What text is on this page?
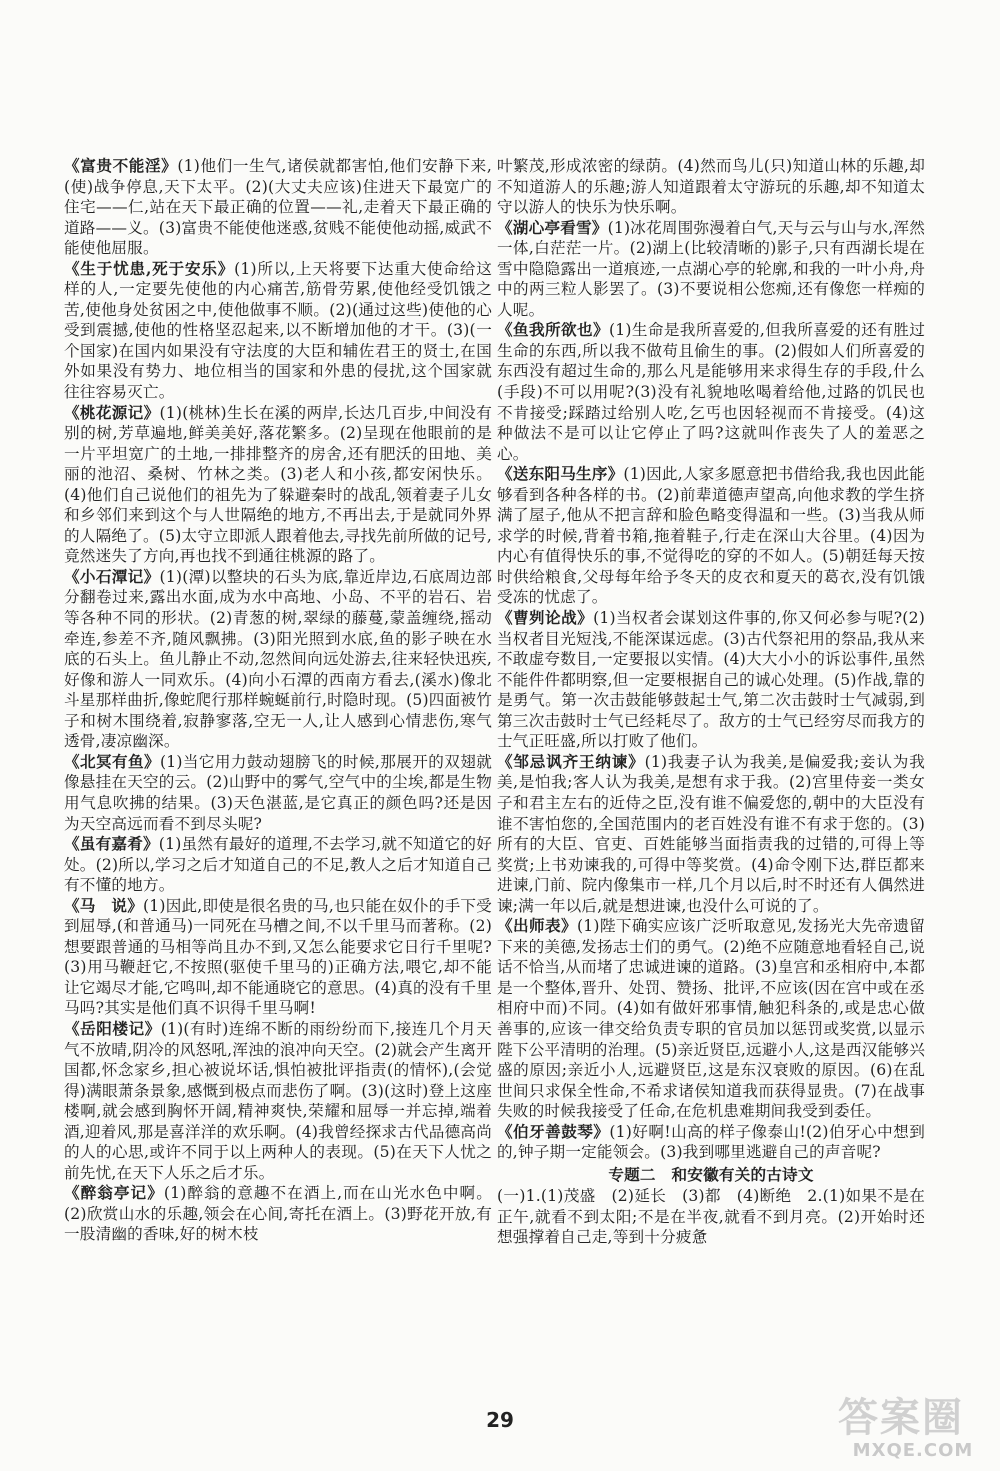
《富贵不能淫》(1)他们一生气,诸侯就都害怕,他们安静下来,(使)战争停息,天下太平。(2)(大丈夫应该)住进天下最宽广的住宅——仁,站在天下最正确的位置——礼,走着天下最正确的道路——义。(3)富贵不能使他迷惑,贫贱不能使他动摇,威武不能使他屈服。

《生于忧患,死于安乐》(1)所以,上天将要下达重大使命给这样的人,一定要先使他的内心痛苦,筋骨劳累,使他经受饥饿之苦,使他身处贫困之中,使他做事不顺。(2)(通过这些)使他的心受到震撼,使他的性格坚忍起来,以不断增加他的才干。(3)(一个国家)在国内如果没有守法度的大臣和辅佐君王的贤士,在国外如果没有势力、地位相当的国家和外患的侵扰,这个国家就往往容易灭亡。

《桃花源记》(1)(桃林)生长在溪的两岸,长达几百步,中间没有别的树,芳草遍地,鲜美美好,落花繁多。(2)呈现在他眼前的是一片平坦宽广的土地,一排排整齐的房舍,还有肥沃的田地、美丽的池沼、桑树、竹林之类。(3)老人和小孩,都安闲快乐。(4)他们自己说他们的祖先为了躲避秦时的战乱,领着妻子儿女和乡邻们来到这个与人世隔绝的地方,不再出去,于是就同外界的人隔绝了。(5)太守立即派人跟着他去,寻找先前所做的记号,竟然迷失了方向,再也找不到通往桃源的路了。

《小石潭记》(1)(潭)以整块的石头为底,靠近岸边,石底周边部分翻卷过来,露出水面,成为水中高地、小岛、不平的岩石、岩等各种不同的形状。(2)青葱的树,翠绿的藤蔓,蒙盖缠绕,摇动牵连,参差不齐,随风飘拂。(3)阳光照到水底,鱼的影子映在水底的石头上。鱼儿静止不动,忽然间向远处游去,往来轻快迅疾,好像和游人一同欢乐。(4)向小石潭的西南方看去,(溪水)像北斗星那样曲折,像蛇爬行那样蜿蜒前行,时隐时现。(5)四面被竹子和树木围绕着,寂静寥落,空无一人,让人感到心情悲伤,寒气透骨,凄凉幽深。

《北冥有鱼》(1)当它用力鼓动翅膀飞的时候,那展开的双翅就像悬挂在天空的云。(2)山野中的雾气,空气中的尘埃,都是生物用气息吹拂的结果。(3)天色湛蓝,是它真正的颜色吗?还是因为天空高远而看不到尽头呢?

《虽有嘉肴》(1)虽然有最好的道理,不去学习,就不知道它的好处。(2)所以,学习之后才知道自己的不足,教人之后才知道自己有不懂的地方。

《马　说》(1)因此,即使是很名贵的马,也只能在奴仆的手下受到屈辱,(和普通马)一同死在马槽之间,不以千里马而著称。(2)想要跟普通的马相等尚且办不到,又怎么能要求它日行千里呢?(3)用马鞭赶它,不按照(驱使千里马的)正确方法,喂它,却不能让它竭尽才能,它鸣叫,却不能通晓它的意思。(4)真的没有千里马吗?其实是他们真不识得千里马啊!

《岳阳楼记》(1)(有时)连绵不断的雨纷纷而下,接连几个月天气不放晴,阴冷的风怒吼,浑浊的浪冲向天空。(2)就会产生离开国都,怀念家乡,担心被说坏话,惧怕被批评指责(的情怀),(会觉得)满眼萧条景象,感慨到极点而悲伤了啊。(3)(这时)登上这座楼啊,就会感到胸怀开阔,精神爽快,荣耀和屈辱一并忘掉,端着酒,迎着风,那是喜洋洋的欢乐啊。(4)我曾经探求古代品德高尚的人的心思,或许不同于以上两种人的表现。(5)在天下人忧之前先忧,在天下人乐之后才乐。

《醉翁亭记》(1)醉翁的意趣不在酒上,而在山光水色中啊。(2)欣赏山水的乐趣,领会在心间,寄托在酒上。(3)野花开放,有一股清幽的香味,好的树木枝

叶繁茂,形成浓密的绿荫。(4)然而鸟儿(只)知道山林的乐趣,却不知道游人的乐趣;游人知道跟着太守游玩的乐趣,却不知道太守以游人的快乐为快乐啊。

《湖心亭看雪》(1)冰花周围弥漫着白气,天与云与山与水,浑然一体,白茫茫一片。(2)湖上(比较清晰的)影子,只有西湖长堤在雪中隐隐露出一道痕迹,一点湖心亭的轮廓,和我的一叶小舟,舟中的两三粒人影罢了。(3)不要说相公您痴,还有像您一样痴的人呢。

《鱼我所欲也》(1)生命是我所喜爱的,但我所喜爱的还有胜过生命的东西,所以我不做苟且偷生的事。(2)假如人们所喜爱的东西没有超过生命的,那么凡是能够用来求得生存的手段,什么(手段)不可以用呢?(3)没有礼貌地吆喝着给他,过路的饥民也不肯接受;踩踏过给别人吃,乞丐也因轻视而不肯接受。(4)这种做法不是可以让它停止了吗?这就叫作丧失了人的羞恶之心。

《送东阳马生序》(1)因此,人家多愿意把书借给我,我也因此能够看到各种各样的书。(2)前辈道德声望高,向他求教的学生挤满了屋子,他从不把言辞和脸色略变得温和一些。(3)当我从师求学的时候,背着书箱,拖着鞋子,行走在深山大谷里。(4)因为内心有值得快乐的事,不觉得吃的穿的不如人。(5)朝廷每天按时供给粮食,父母每年给予冬天的皮衣和夏天的葛衣,没有饥饿受冻的忧虑了。

《曹刿论战》(1)当权者会谋划这件事的,你又何必参与呢?(2)当权者目光短浅,不能深谋远虑。(3)古代祭祀用的祭品,我从来不敢虚夸数目,一定要报以实情。(4)大大小小的诉讼事件,虽然不能件件都明察,但一定要根据自己的诚心处理。(5)作战,靠的是勇气。第一次击鼓能够鼓起士气,第二次击鼓时士气减弱,到第三次击鼓时士气已经耗尽了。敌方的士气已经穷尽而我方的士气正旺盛,所以打败了他们。

《邹忌讽齐王纳谏》(1)我妻子认为我美,是偏爱我;妾认为我美,是怕我;客人认为我美,是想有求于我。(2)宫里侍妾一类女子和君主左右的近侍之臣,没有谁不偏爱您的,朝中的大臣没有谁不害怕您的,全国范围内的老百姓没有谁不有求于您的。(3)所有的大臣、官吏、百姓能够当面指责我的过错的,可得上等奖赏;上书劝谏我的,可得中等奖赏。(4)命令刚下达,群臣都来进谏,门前、院内像集市一样,几个月以后,时不时还有人偶然进谏;满一年以后,就是想进谏,也没什么可说的了。

《出师表》(1)陛下确实应该广泛听取意见,发扬光大先帝遗留下来的美德,发扬志士们的勇气。(2)绝不应随意地看轻自己,说话不恰当,从而堵了忠诚进谏的道路。(3)皇宫和丞相府中,本都是一个整体,晋升、处罚、赞扬、批评,不应该(因在宫中或在丞相府中而)不同。(4)如有做奸邪事情,触犯科条的,或是忠心做善事的,应该一律交给负责专职的官员加以惩罚或奖赏,以显示陛下公平清明的治理。(5)亲近贤臣,远避小人,这是西汉能够兴盛的原因;亲近小人,远避贤臣,这是东汉衰败的原因。(6)在乱世间只求保全性命,不希求诸侯知道我而获得显贵。(7)在战事失败的时候我接受了任命,在危机患难期间我受到委任。

《伯牙善鼓琴》(1)好啊!山高的样子像泰山!(2)伯牙心中想到的,钟子期一定能领会。(3)我到哪里逃避自己的声音呢?

专题二　和安徽有关的古诗文

(一)1.(1)茂盛　(2)延长　(3)都　(4)断绝　2.(1)如果不是在正午,就看不到太阳;不是在半夜,就看不到月亮。(2)开始时还想强撑着自己走,等到十分疲惫

29	答案圈
MXQE.COM
